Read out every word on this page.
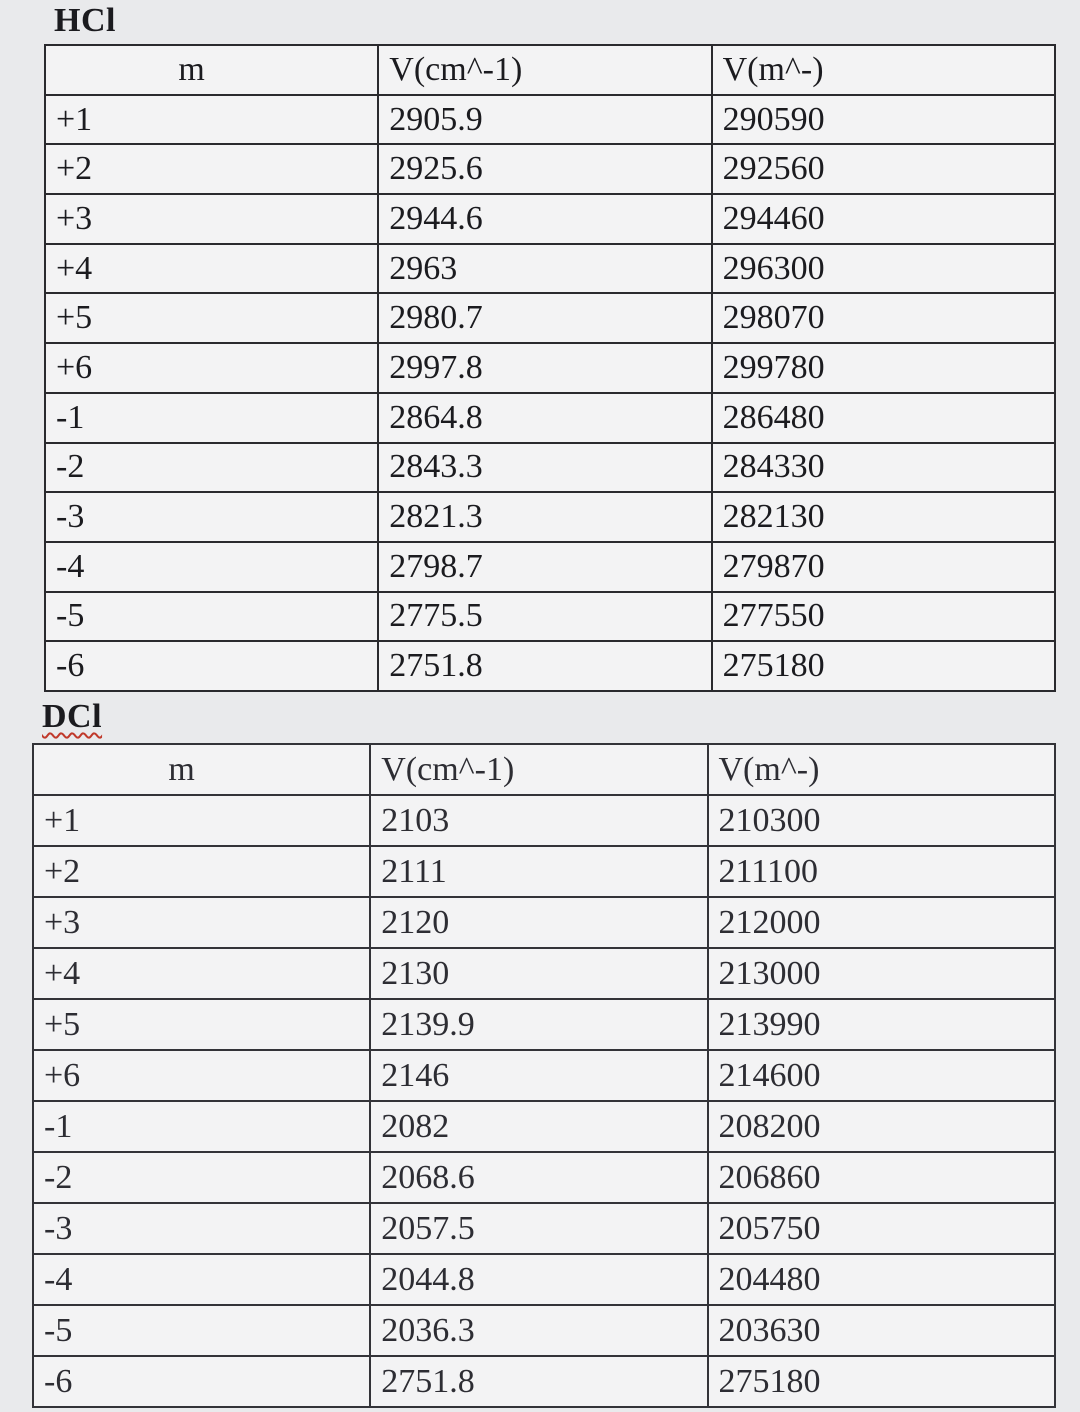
HCl
m	V(cm^-1)	V(m^-)
+1	2905.9	290590
+2	2925.6	292560
+3	2944.6	294460
+4	2963	296300
+5	2980.7	298070
+6	2997.8	299780
-1	2864.8	286480
-2	2843.3	284330
-3	2821.3	282130
-4	2798.7	279870
-5	2775.5	277550
-6	2751.8	275180
DCl
m	V(cm^-1)	V(m^-)
+1	2103	210300
+2	2111	211100
+3	2120	212000
+4	2130	213000
+5	2139.9	213990
+6	2146	214600
-1	2082	208200
-2	2068.6	206860
-3	2057.5	205750
-4	2044.8	204480
-5	2036.3	203630
-6	2751.8	275180
